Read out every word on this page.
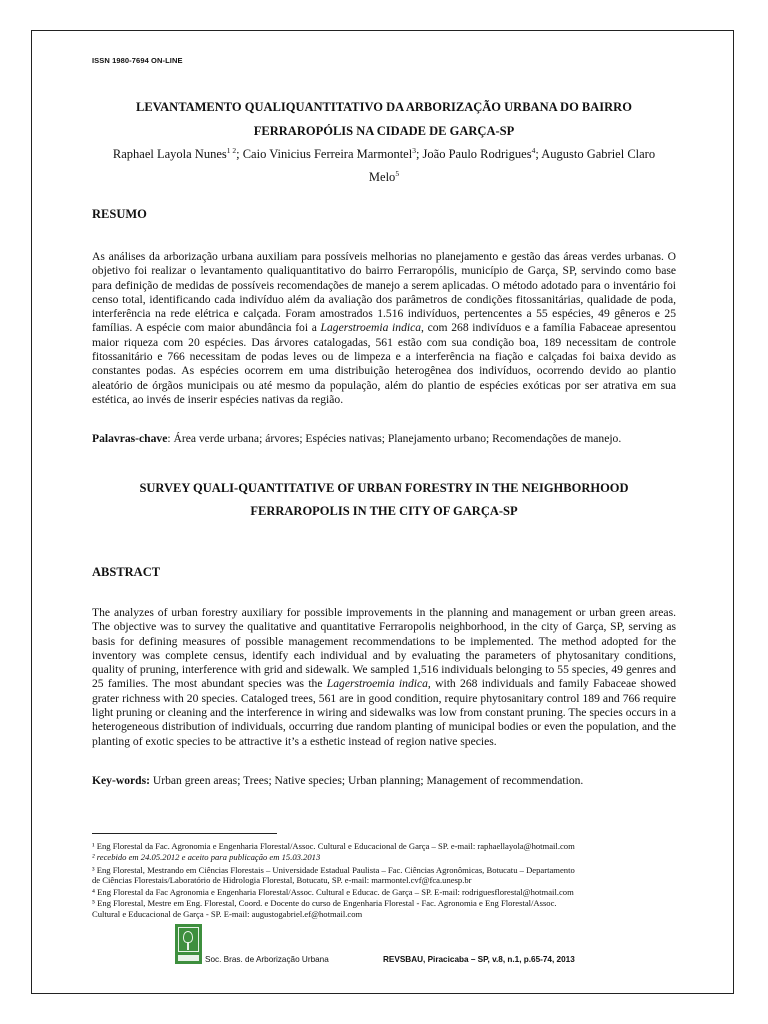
ISSN 1980-7694 ON-LINE
LEVANTAMENTO QUALIQUANTITATIVO DA ARBORIZAÇÃO URBANA DO BAIRRO
FERRAROPÓLIS NA CIDADE DE GARÇA-SP
Raphael Layola Nunes$^{1 2}$; Caio Vinicius Ferreira Marmontel$^3$; João Paulo Rodrigues$^4$; Augusto Gabriel Claro
Melo$^5$
RESUMO
As análises da arborização urbana auxiliam para possíveis melhorias no planejamento e gestão das áreas verdes urbanas. O objetivo foi realizar o levantamento qualiquantitativo do bairro Ferraropólis, município de Garça, SP, servindo como base para definição de medidas de possíveis recomendações de manejo a serem aplicadas. O método adotado para o inventário foi censo total, identificando cada indivíduo além da avaliação dos parâmetros de condições fitossanitárias, qualidade de poda, interferência na rede elétrica e calçada. Foram amostrados 1.516 indivíduos, pertencentes a 55 espécies, 49 gêneros e 25 famílias. A espécie com maior abundância foi a Lagerstroemia indica, com 268 indivíduos e a família Fabaceae apresentou maior riqueza com 20 espécies. Das árvores catalogadas, 561 estão com sua condição boa, 189 necessitam de controle fitossanitário e 766 necessitam de podas leves ou de limpeza e a interferência na fiação e calçadas foi baixa devido as constantes podas. As espécies ocorrem em uma distribuição heterogênea dos indivíduos, ocorrendo devido ao plantio aleatório de órgãos municipais ou até mesmo da população, além do plantio de espécies exóticas por ser atrativa em sua estética, ao invés de inserir espécies nativas da região.
Palavras-chave: Área verde urbana; árvores; Espécies nativas; Planejamento urbano; Recomendações de manejo.
SURVEY QUALI-QUANTITATIVE OF URBAN FORESTRY IN THE NEIGHBORHOOD
FERRAROPOLIS IN THE CITY OF GARÇA-SP
ABSTRACT
The analyzes of urban forestry auxiliary for possible improvements in the planning and management or urban green areas. The objective was to survey the qualitative and quantitative Ferraropolis neighborhood, in the city of Garça, SP, serving as basis for defining measures of possible management recommendations to be implemented. The method adopted for the inventory was complete census, identify each individual and by evaluating the parameters of phytosanitary conditions, quality of pruning, interference with grid and sidewalk. We sampled 1,516 individuals belonging to 55 species, 49 genres and 25 families. The most abundant species was the Lagerstroemia indica, with 268 individuals and family Fabaceae showed grater richness with 20 species. Cataloged trees, 561 are in good condition, require phytosanitary control 189 and 766 require light pruning or cleaning and the interference in wiring and sidewalks was low from constant pruning. The species occurs in a heterogeneous distribution of individuals, occurring due random planting of municipal bodies or even the population, and the planting of exotic species to be attractive it’s a esthetic instead of region native species.
Key-words: Urban green areas; Trees; Native species; Urban planning; Management of recommendation.
¹ Eng Florestal da Fac. Agronomia e Engenharia Florestal/Assoc. Cultural e Educacional de Garça – SP. e-mail: raphaellayola@hotmail.com
² recebido em 24.05.2012 e aceito para publicação em 15.03.2013
³ Eng Florestal, Mestrando em Ciências Florestais – Universidade Estadual Paulista – Fac. Ciências Agronômicas, Botucatu – Departamento
de Ciências Florestais/Laboratório de Hidrologia Florestal, Botucatu, SP. e-mail: marmontel.cvf@fca.unesp.br
⁴ Eng Florestal da Fac Agronomia e Engenharia Florestal/Assoc. Cultural e Educac. de Garça – SP. E-mail: rodriguesflorestal@hotmail.com
⁵ Eng Florestal, Mestre em Eng. Florestal, Coord. e Docente do curso de Engenharia Florestal - Fac. Agronomia e Eng Florestal/Assoc.
Cultural e Educacional de Garça - SP. E-mail: augustogabriel.ef@hotmail.com
Soc. Bras. de Arborização Urbana	REVSBAU, Piracicaba – SP, v.8, n.1, p.65-74, 2013
